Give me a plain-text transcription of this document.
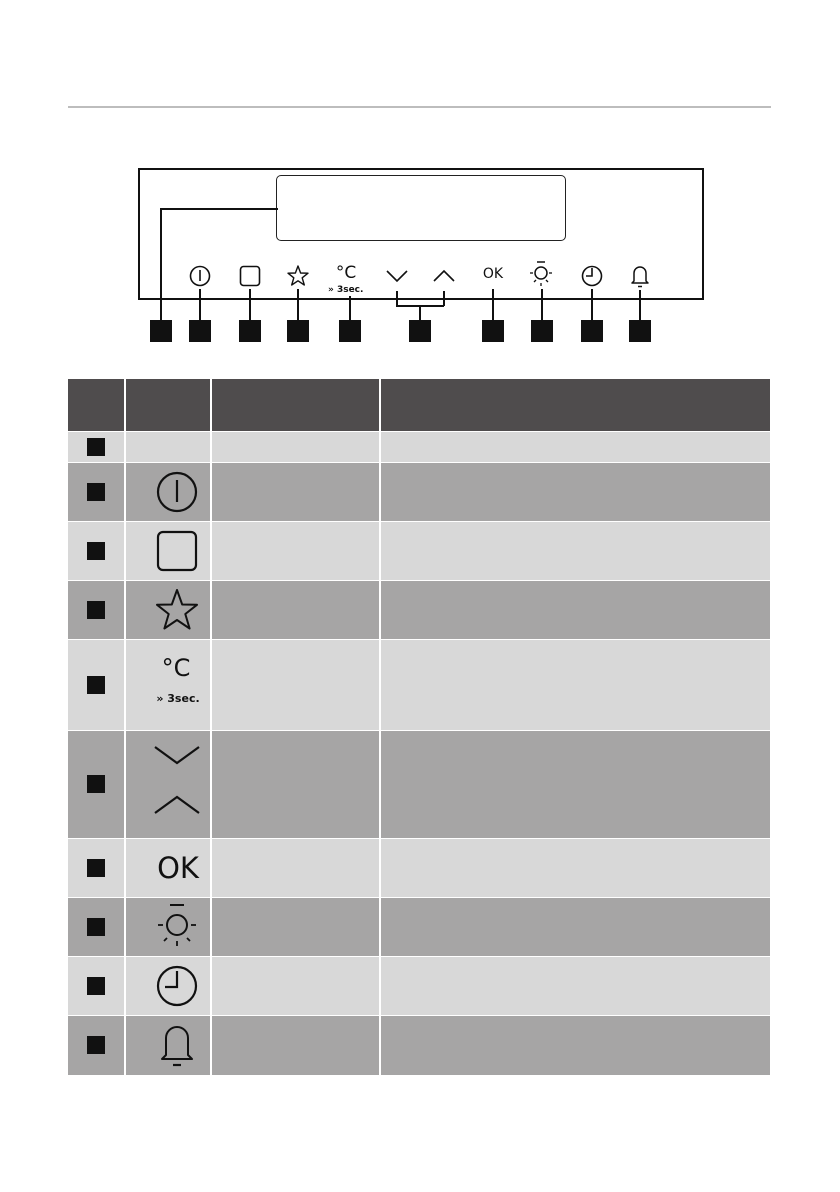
°C
» 3sec.
OK
°C
» 3sec.
OK
